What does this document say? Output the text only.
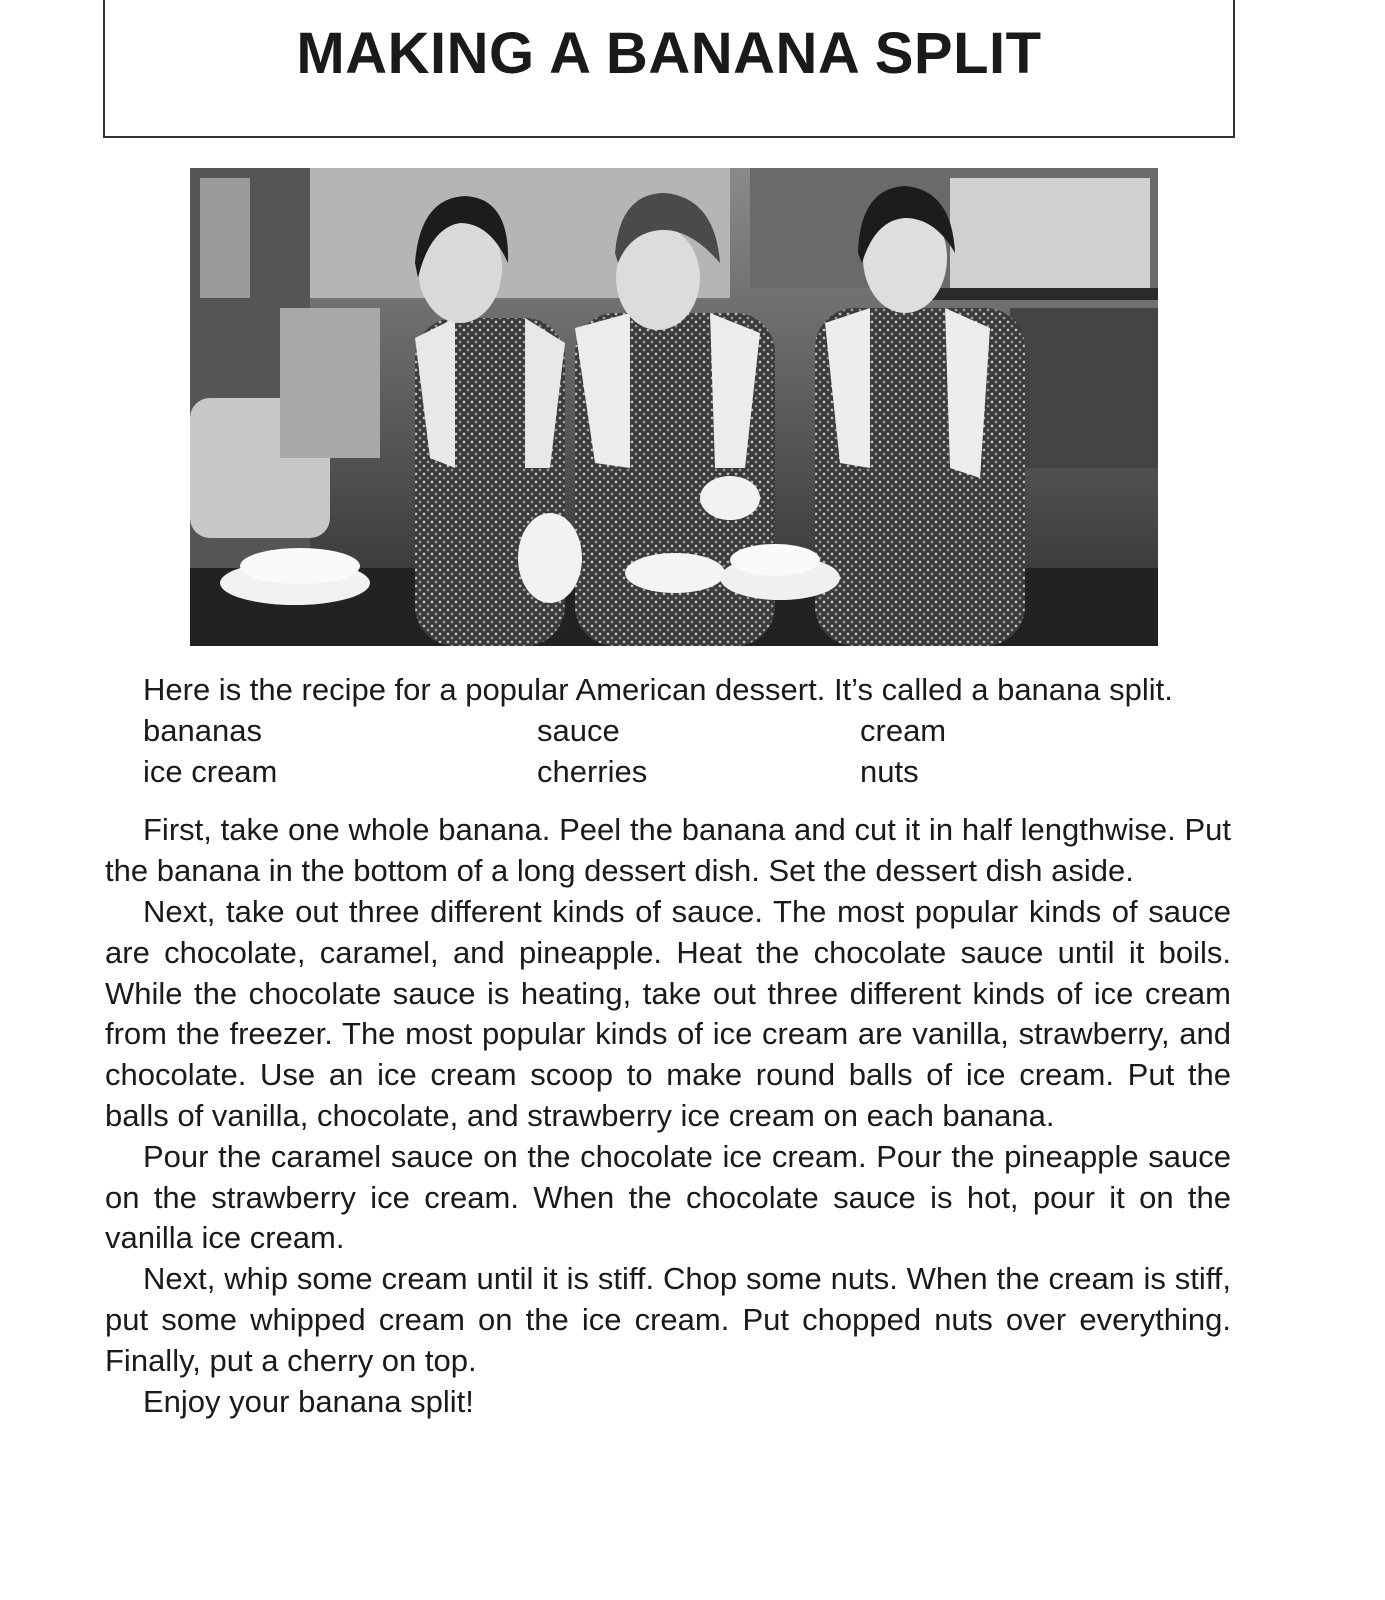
MAKING A BANANA SPLIT

Here is the recipe for a popular American dessert. It’s called a banana split.

bananas
ice cream
sauce
cherries
cream
nuts

First, take one whole banana. Peel the banana and cut it in half lengthwise. Put the banana in the bottom of a long dessert dish. Set the dessert dish aside.

Next, take out three different kinds of sauce. The most popular kinds of sauce are chocolate, caramel, and pineapple. Heat the chocolate sauce until it boils. While the chocolate sauce is heating, take out three different kinds of ice cream from the freezer. The most popular kinds of ice cream are vanilla, strawberry, and chocolate. Use an ice cream scoop to make round balls of ice cream. Put the balls of vanilla, chocolate, and strawberry ice cream on each banana.

Pour the caramel sauce on the chocolate ice cream. Pour the pineapple sauce on the strawberry ice cream. When the chocolate sauce is hot, pour it on the vanilla ice cream.

Next, whip some cream until it is stiff. Chop some nuts. When the cream is stiff, put some whipped cream on the ice cream. Put chopped nuts over everything. Finally, put a cherry on top.

Enjoy your banana split!
